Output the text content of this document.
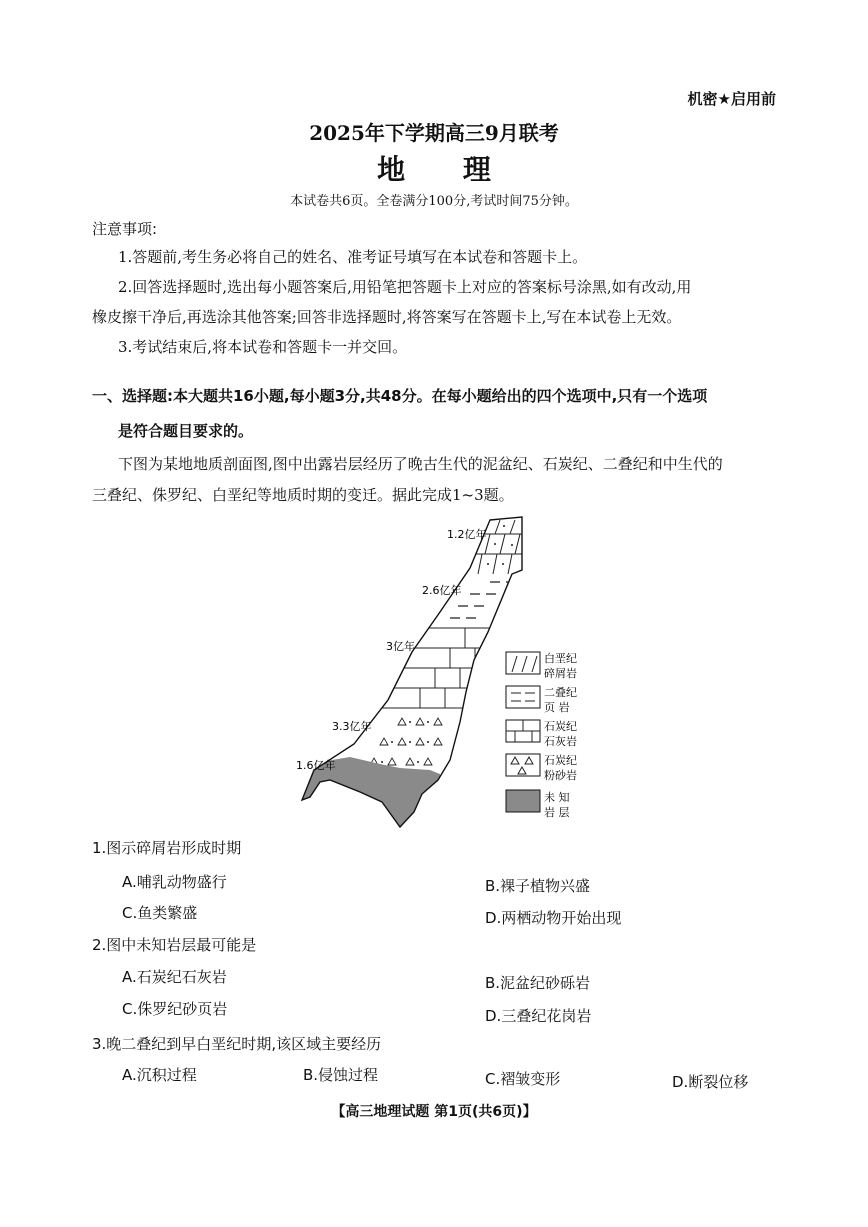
机密★启用前
2025年下学期高三9月联考
地 理
本试卷共6页。全卷满分100分,考试时间75分钟。
注意事项:
1.答题前,考生务必将自己的姓名、准考证号填写在本试卷和答题卡上。
2.回答选择题时,选出每小题答案后,用铅笔把答题卡上对应的答案标号涂黑,如有改动,用
橡皮擦干净后,再选涂其他答案;回答非选择题时,将答案写在答题卡上,写在本试卷上无效。
3.考试结束后,将本试卷和答题卡一并交回。
一、选择题:本大题共16小题,每小题3分,共48分。在每小题给出的四个选项中,只有一个选项
是符合题目要求的。
下图为某地地质剖面图,图中出露岩层经历了晚古生代的泥盆纪、石炭纪、二叠纪和中生代的
三叠纪、侏罗纪、白垩纪等地质时期的变迁。据此完成1~3题。
1.2亿年
2.6亿年
3亿年
3.3亿年
1.6亿年
白垩纪
碎屑岩
二叠纪
页 岩
石炭纪
石灰岩
石炭纪
粉砂岩
未 知
岩 层
1.图示碎屑岩形成时期
A.哺乳动物盛行	B.裸子植物兴盛
C.鱼类繁盛	D.两栖动物开始出现
2.图中未知岩层最可能是
A.石炭纪石灰岩	B.泥盆纪砂砾岩
C.侏罗纪砂页岩	D.三叠纪花岗岩
3.晚二叠纪到早白垩纪时期,该区域主要经历
A.沉积过程	B.侵蚀过程	C.褶皱变形	D.断裂位移
【高三地理试题 第1页(共6页)】
